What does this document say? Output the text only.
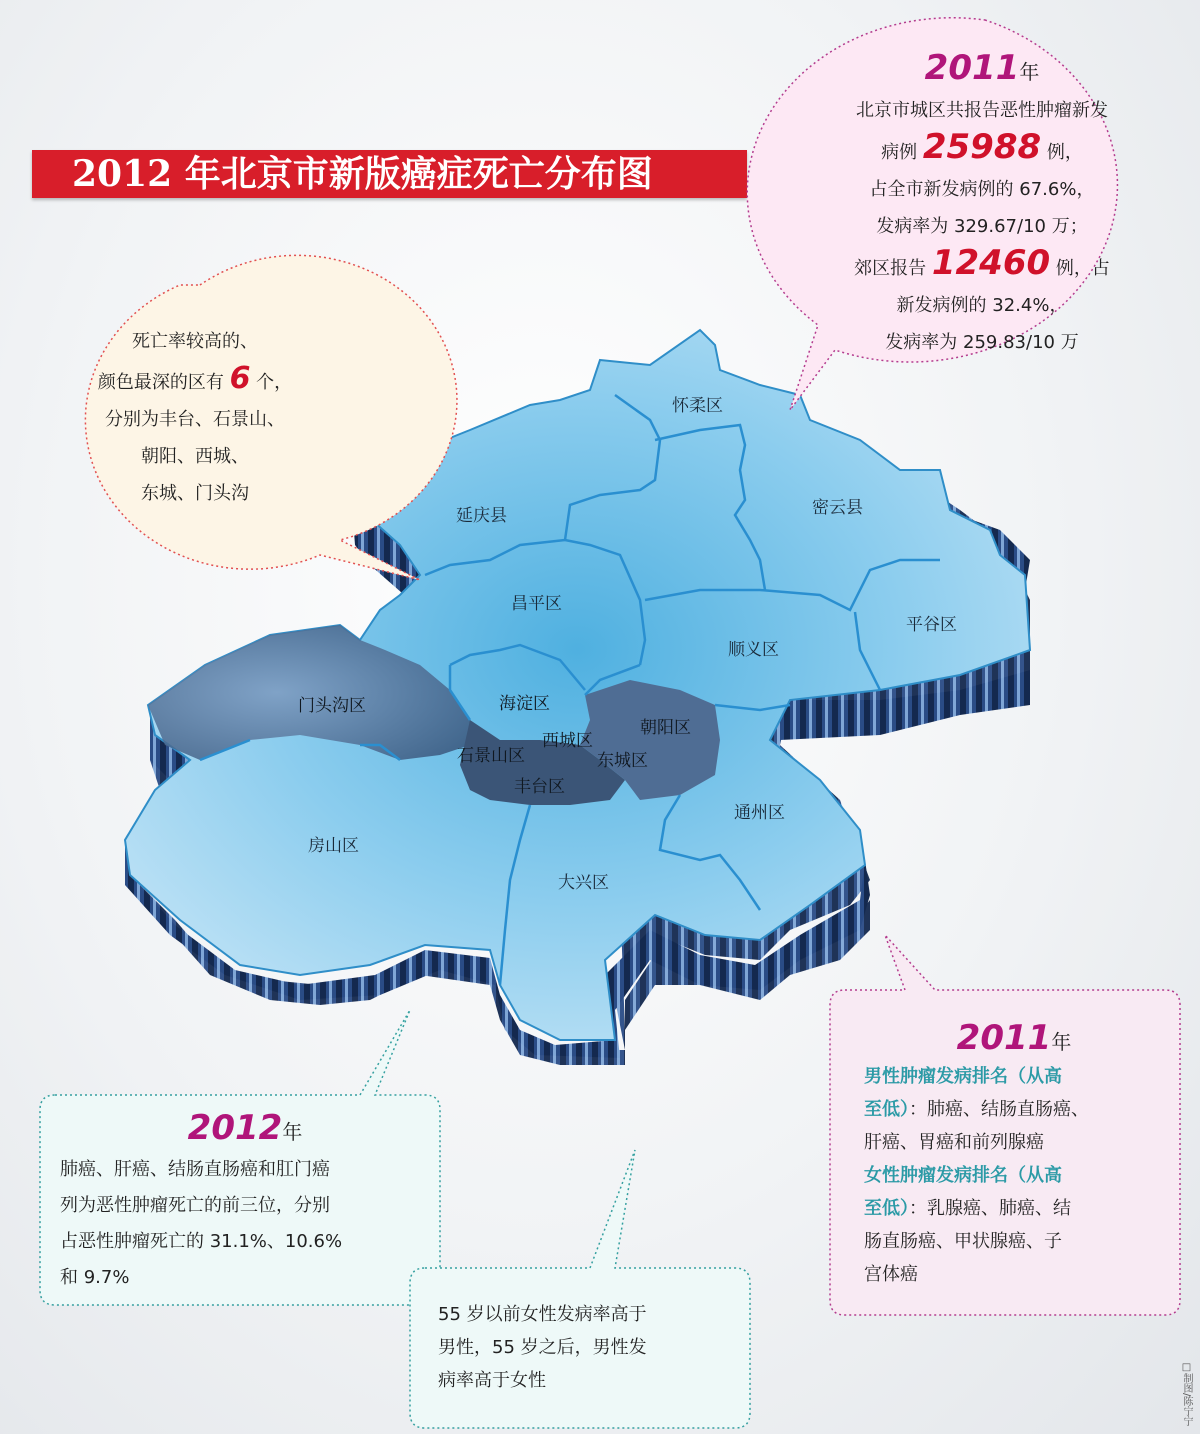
2012 年北京市新版癌症死亡分布图
怀柔区
延庆县	密云县
昌平区
顺义区
平谷区
门头沟区	海淀区
朝阳区
西城区
石景山区	东城区
丰台区
通州区
房山区
大兴区
2011年
北京市城区共报告恶性肿瘤新发
病例 25988 例，
占全市新发病例的 67.6%，
发病率为 329.67/10 万；
郊区报告 12460 例，占
新发病例的 32.4%，
发病率为 259.83/10 万
死亡率较高的、
颜色最深的区有 6 个，
分别为丰台、石景山、
朝阳、西城、
东城、门头沟
2012年
肺癌、肝癌、结肠直肠癌和肛门癌
列为恶性肿瘤死亡的前三位，分别
占恶性肿瘤死亡的 31.1%、10.6%
和 9.7%
55 岁以前女性发病率高于
男性，55 岁之后，男性发
病率高于女性
2011年
男性肿瘤发病排名（从高
至低）：肺癌、结肠直肠癌、
肝癌、胃癌和前列腺癌
女性肿瘤发病排名（从高
至低）：乳腺癌、肺癌、结
肠直肠癌、甲状腺癌、子
宫体癌
□制图/陈宁宁
